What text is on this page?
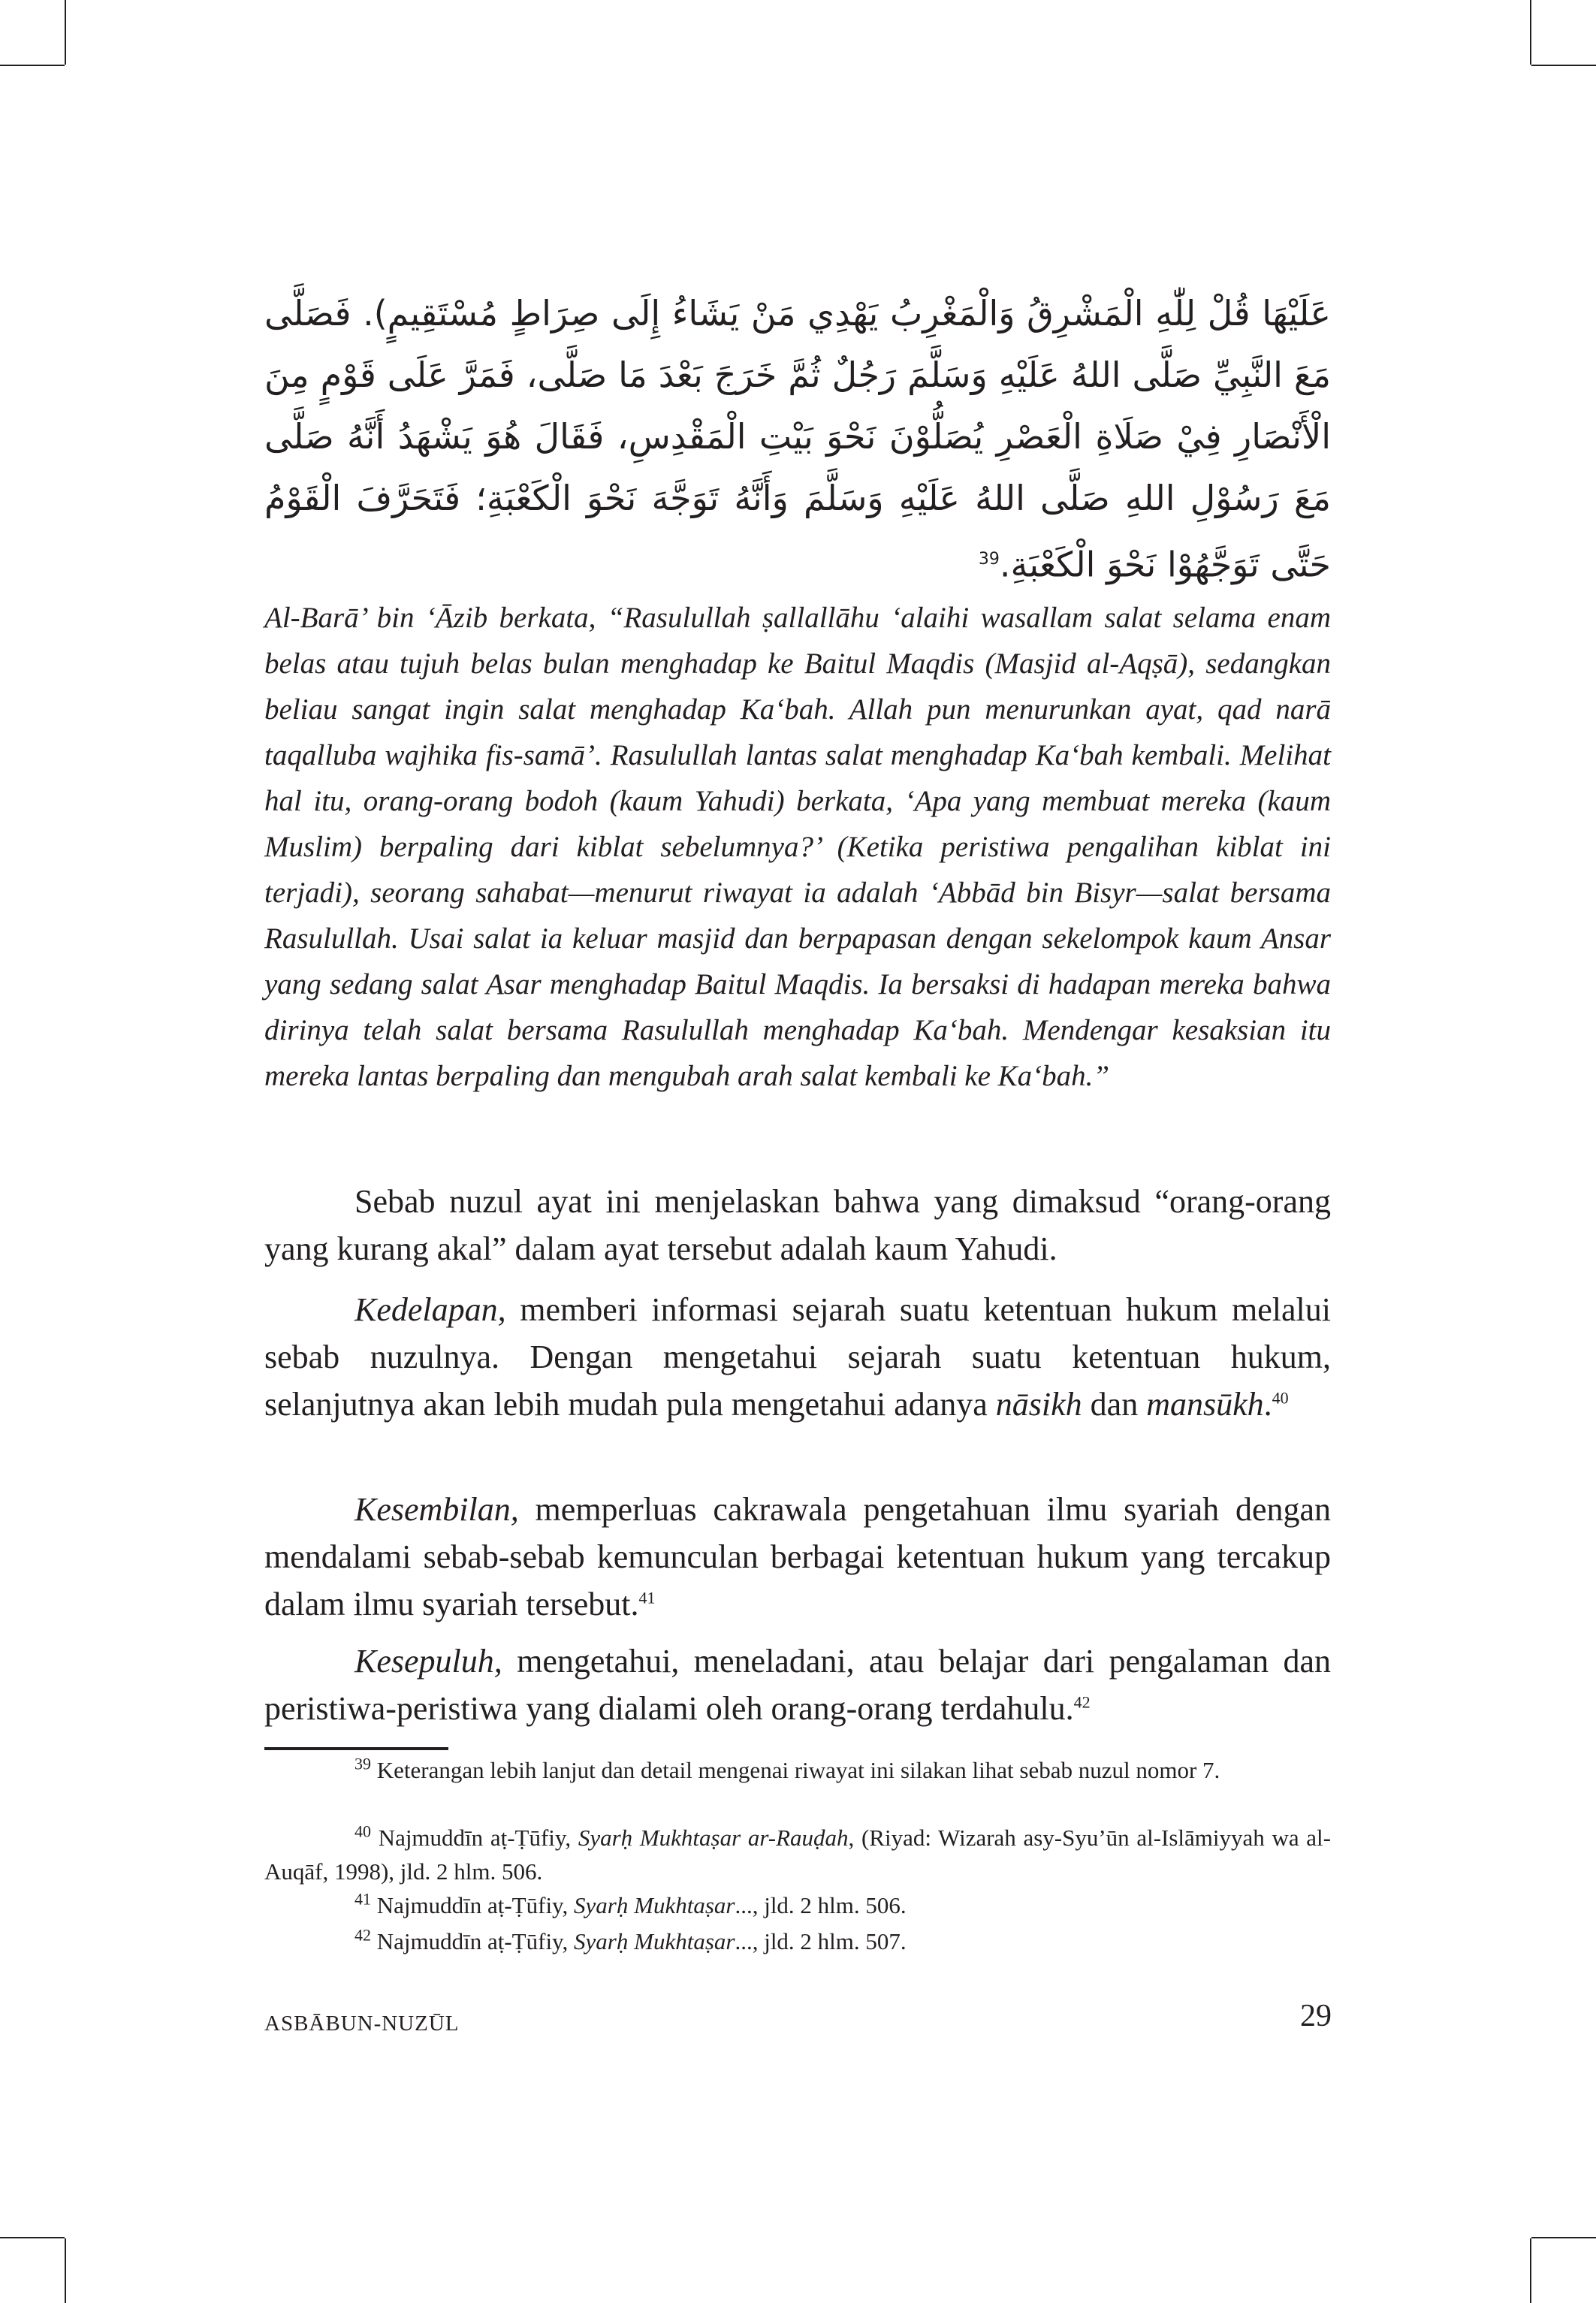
عَلَيْهَا قُلْ لِلّٰهِ الْمَشْرِقُ وَالْمَغْرِبُ يَهْدِي مَنْ يَشَاءُ إِلَى صِرَاطٍ مُسْتَقِيمٍ). فَصَلَّى مَعَ النَّبِيِّ صَلَّى اللهُ عَلَيْهِ وَسَلَّمَ رَجُلٌ ثُمَّ خَرَجَ بَعْدَ مَا صَلَّى، فَمَرَّ عَلَى قَوْمٍ مِنَ الْأَنْصَارِ فِيْ صَلَاةِ الْعَصْرِ يُصَلُّوْنَ نَحْوَ بَيْتِ الْمَقْدِسِ، فَقَالَ هُوَ يَشْهَدُ أَنَّهُ صَلَّى مَعَ رَسُوْلِ اللهِ صَلَّى اللهُ عَلَيْهِ وَسَلَّمَ وَأَنَّهُ تَوَجَّهَ نَحْوَ الْكَعْبَةِ؛ فَتَحَرَّفَ الْقَوْمُ حَتَّى تَوَجَّهُوْا نَحْوَ الْكَعْبَةِ.$^{39}$

Al-Barā’ bin ‘Āzib berkata, “Rasulullah ṣallallāhu ‘alaihi wasallam salat selama enam belas atau tujuh belas bulan menghadap ke Baitul Maqdis (Masjid al-Aqṣā), sedangkan beliau sangat ingin salat menghadap Ka‘bah. Allah pun menurunkan ayat, qad narā taqalluba wajhika fis-samā’. Rasulullah lantas salat menghadap Ka‘bah kembali. Melihat hal itu, orang-orang bodoh (kaum Yahudi) berkata, ‘Apa yang membuat mereka (kaum Muslim) berpaling dari kiblat sebelumnya?’ (Ketika peristiwa pengalihan kiblat ini terjadi), seorang sahabat—menurut riwayat ia adalah ‘Abbād bin Bisyr—salat bersama Rasulullah. Usai salat ia keluar masjid dan berpapasan dengan sekelompok kaum Ansar yang sedang salat Asar menghadap Baitul Maqdis. Ia bersaksi di hadapan mereka bahwa dirinya telah salat bersama Rasulullah menghadap Ka‘bah. Mendengar kesaksian itu mereka lantas berpaling dan mengubah arah salat kembali ke Ka‘bah.”

Sebab nuzul ayat ini menjelaskan bahwa yang dimaksud “orang-orang yang kurang akal” dalam ayat tersebut adalah kaum Yahudi.

Kedelapan, memberi informasi sejarah suatu ketentuan hukum melalui sebab nuzulnya. Dengan mengetahui sejarah suatu ketentuan hukum, selanjutnya akan lebih mudah pula mengetahui adanya nāsikh dan mansūkh.$^{40}$

Kesembilan, memperluas cakrawala pengetahuan ilmu syariah dengan mendalami sebab-sebab kemunculan berbagai ketentuan hukum yang tercakup dalam ilmu syariah tersebut.$^{41}$

Kesepuluh, mengetahui, meneladani, atau belajar dari pengalaman dan peristiwa-peristiwa yang dialami oleh orang-orang terdahulu.$^{42}$

$^{39}$ Keterangan lebih lanjut dan detail mengenai riwayat ini silakan lihat sebab nuzul nomor 7.

$^{40}$ Najmuddīn aṭ-Ṭūfiy, Syarḥ Mukhtaṣar ar-Rauḍah, (Riyad: Wizarah asy-Syu’ūn al-Islāmiyyah wa al-Auqāf, 1998), jld. 2 hlm. 506.

$^{41}$ Najmuddīn aṭ-Ṭūfiy, Syarḥ Mukhtaṣar..., jld. 2 hlm. 506.

$^{42}$ Najmuddīn aṭ-Ṭūfiy, Syarḥ Mukhtaṣar..., jld. 2 hlm. 507.

ASBĀBUN-NUZŪL	29
